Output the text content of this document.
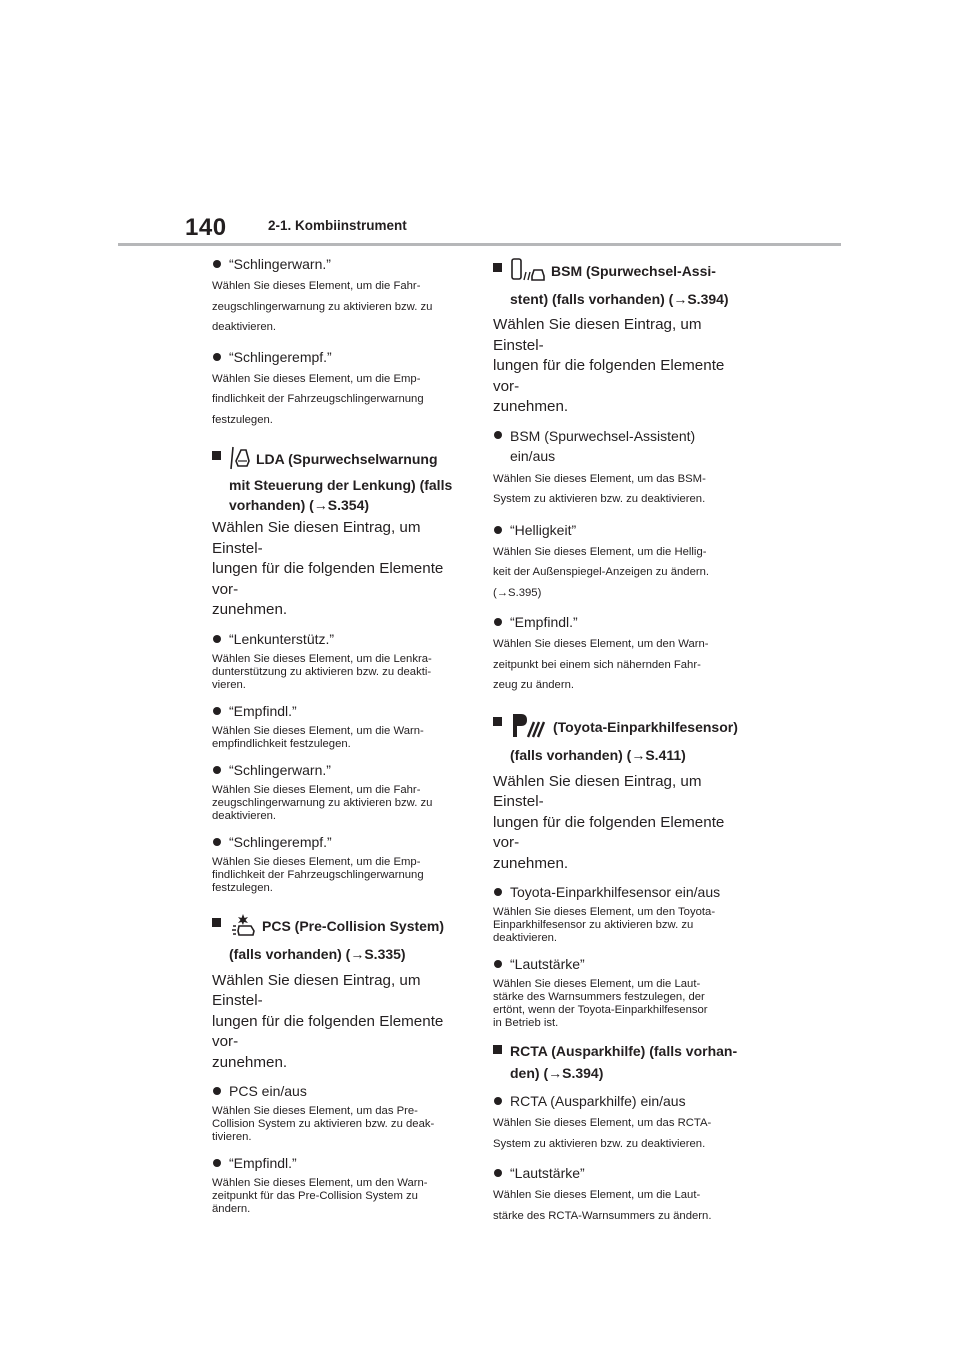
140	2-1. Kombiinstrument

“Schlingerwarn.”

Wählen Sie dieses Element, um die Fahr-
zeugschlingerwarnung zu aktivieren bzw. zu
deaktivieren.

“Schlingerempf.”

Wählen Sie dieses Element, um die Emp-
findlichkeit der Fahrzeugschlingerwarnung
festzulegen.

LDA (Spurwechselwarnung
mit Steuerung der Lenkung) (falls
vorhanden) (→S.354)

Wählen Sie diesen Eintrag, um Einstel-
lungen für die folgenden Elemente vor-
zunehmen.

“Lenkunterstütz.”

Wählen Sie dieses Element, um die Lenkra-
dunterstützung zu aktivieren bzw. zu deakti-
vieren.

“Empfindl.”

Wählen Sie dieses Element, um die Warn-
empfindlichkeit festzulegen.

“Schlingerwarn.”

Wählen Sie dieses Element, um die Fahr-
zeugschlingerwarnung zu aktivieren bzw. zu
deaktivieren.

“Schlingerempf.”

Wählen Sie dieses Element, um die Emp-
findlichkeit der Fahrzeugschlingerwarnung
festzulegen.

PCS (Pre-Collision System)
(falls vorhanden) (→S.335)

Wählen Sie diesen Eintrag, um Einstel-
lungen für die folgenden Elemente vor-
zunehmen.

PCS ein/aus

Wählen Sie dieses Element, um das Pre-
Collision System zu aktivieren bzw. zu deak-
tivieren.

“Empfindl.”

Wählen Sie dieses Element, um den Warn-
zeitpunkt für das Pre-Collision System zu
ändern.

BSM (Spurwechsel-Assi-
stent) (falls vorhanden) (→S.394)

Wählen Sie diesen Eintrag, um Einstel-
lungen für die folgenden Elemente vor-
zunehmen.

BSM (Spurwechsel-Assistent)
ein/aus

Wählen Sie dieses Element, um das BSM-
System zu aktivieren bzw. zu deaktivieren.

“Helligkeit”

Wählen Sie dieses Element, um die Hellig-
keit der Außenspiegel-Anzeigen zu ändern.
(→S.395)

“Empfindl.”

Wählen Sie dieses Element, um den Warn-
zeitpunkt bei einem sich nähernden Fahr-
zeug zu ändern.

(Toyota-Einparkhilfesensor)
(falls vorhanden) (→S.411)

Wählen Sie diesen Eintrag, um Einstel-
lungen für die folgenden Elemente vor-
zunehmen.

Toyota-Einparkhilfesensor ein/aus

Wählen Sie dieses Element, um den Toyota-
Einparkhilfesensor zu aktivieren bzw. zu
deaktivieren.

“Lautstärke”

Wählen Sie dieses Element, um die Laut-
stärke des Warnsummers festzulegen, der
ertönt, wenn der Toyota-Einparkhilfesensor
in Betrieb ist.

RCTA (Ausparkhilfe) (falls vorhan-
den) (→S.394)

RCTA (Ausparkhilfe) ein/aus

Wählen Sie dieses Element, um das RCTA-
System zu aktivieren bzw. zu deaktivieren.

“Lautstärke”

Wählen Sie dieses Element, um die Laut-
stärke des RCTA-Warnsummers zu ändern.
